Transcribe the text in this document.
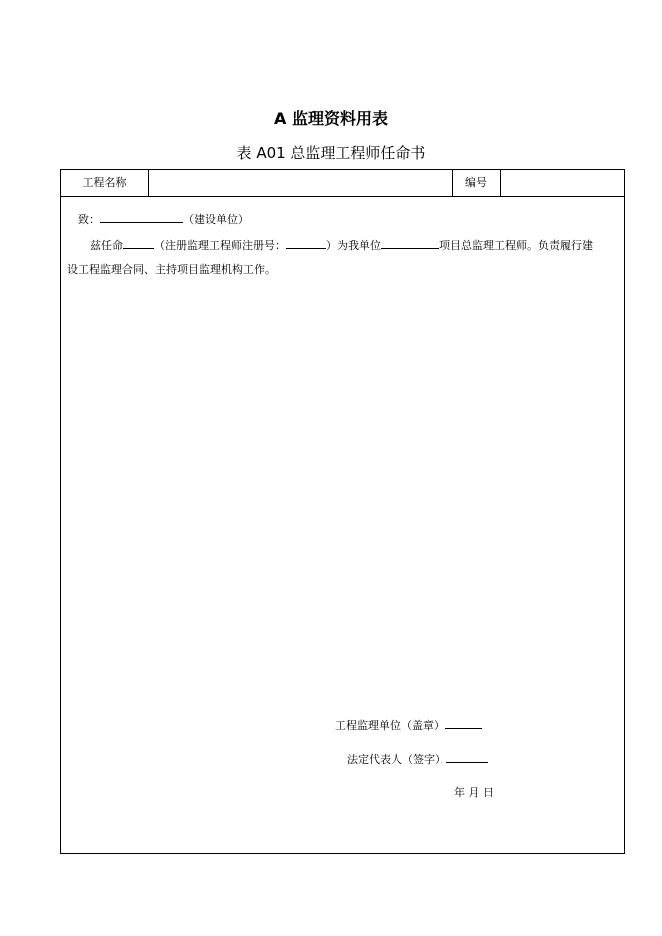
A 监理资料用表
表 A01 总监理工程师任命书
工程名称	编号
致：	（建设单位）
兹任命	（注册监理工程师注册号：	）为我单位	项目总监理工程师。负责履行建
设工程监理合同、主持项目监理机构工作。
工程监理单位（盖章）
法定代表人（签字）
年 月 日
